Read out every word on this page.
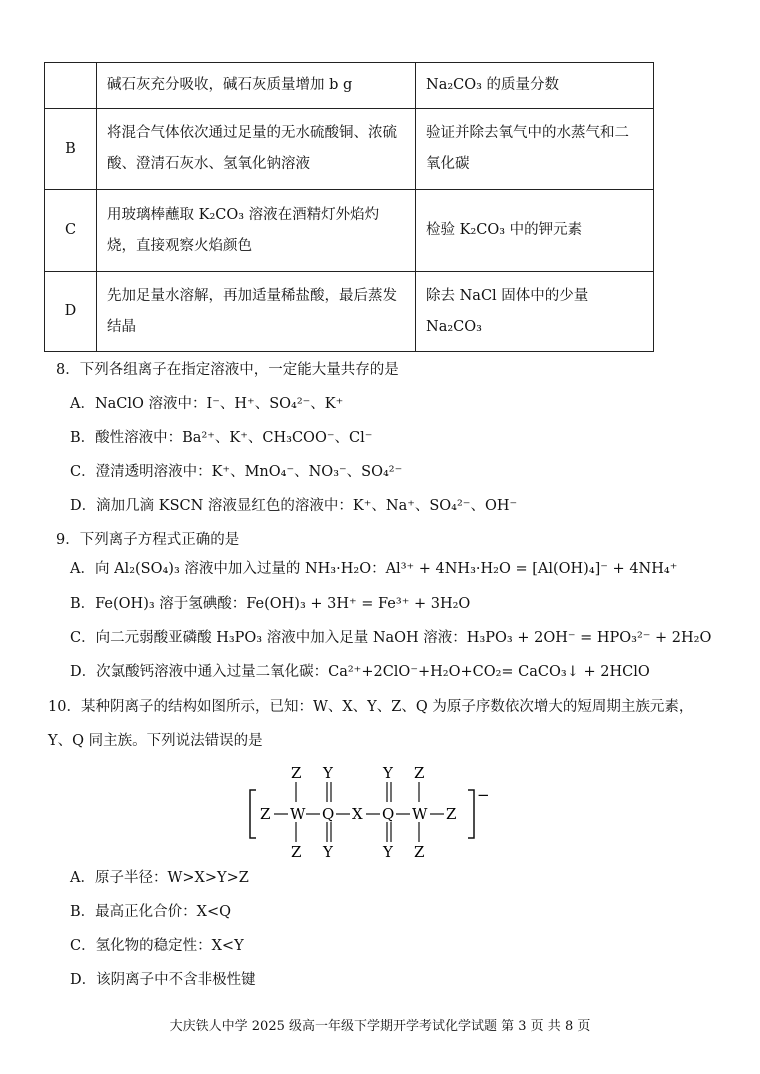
	碱石灰充分吸收，碱石灰质量增加 b g	Na₂CO₃ 的质量分数
B	将混合气体依次通过足量的无水硫酸铜、浓硫酸、澄清石灰水、氢氧化钠溶液	验证并除去氧气中的水蒸气和二氧化碳
C	用玻璃棒蘸取 K₂CO₃ 溶液在酒精灯外焰灼烧，直接观察火焰颜色	检验 K₂CO₃ 中的钾元素
D	先加足量水溶解，再加适量稀盐酸，最后蒸发结晶	除去 NaCl 固体中的少量 Na₂CO₃
8．下列各组离子在指定溶液中，一定能大量共存的是
A．NaClO 溶液中：I⁻、H⁺、SO₄²⁻、K⁺
B．酸性溶液中：Ba²⁺、K⁺、CH₃COO⁻、Cl⁻
C．澄清透明溶液中：K⁺、MnO₄⁻、NO₃⁻、SO₄²⁻
D．滴加几滴 KSCN 溶液显红色的溶液中：K⁺、Na⁺、SO₄²⁻、OH⁻
9．下列离子方程式正确的是
A．向 Al₂(SO₄)₃ 溶液中加入过量的 NH₃·H₂O：Al³⁺ + 4NH₃·H₂O = [Al(OH)₄]⁻ + 4NH₄⁺
B．Fe(OH)₃ 溶于氢碘酸：Fe(OH)₃ + 3H⁺ = Fe³⁺ + 3H₂O
C．向二元弱酸亚磷酸 H₃PO₃ 溶液中加入足量 NaOH 溶液：H₃PO₃ + 2OH⁻ = HPO₃²⁻ + 2H₂O
D．次氯酸钙溶液中通入过量二氧化碳：Ca²⁺+2ClO⁻+H₂O+CO₂= CaCO₃↓ + 2HClO
10．某种阴离子的结构如图所示，已知：W、X、Y、Z、Q 为原子序数依次增大的短周期主族元素，
Y、Q 同主族。下列说法错误的是
−
Z W Q X Q W Z
Z
Z
Y
Y
Y
Y
Z
Z
A．原子半径：W>X>Y>Z
B．最高正化合价：X<Q
C．氢化物的稳定性：X<Y
D．该阴离子中不含非极性键
大庆铁人中学 2025 级高一年级下学期开学考试化学试题 第 3 页 共 8 页
